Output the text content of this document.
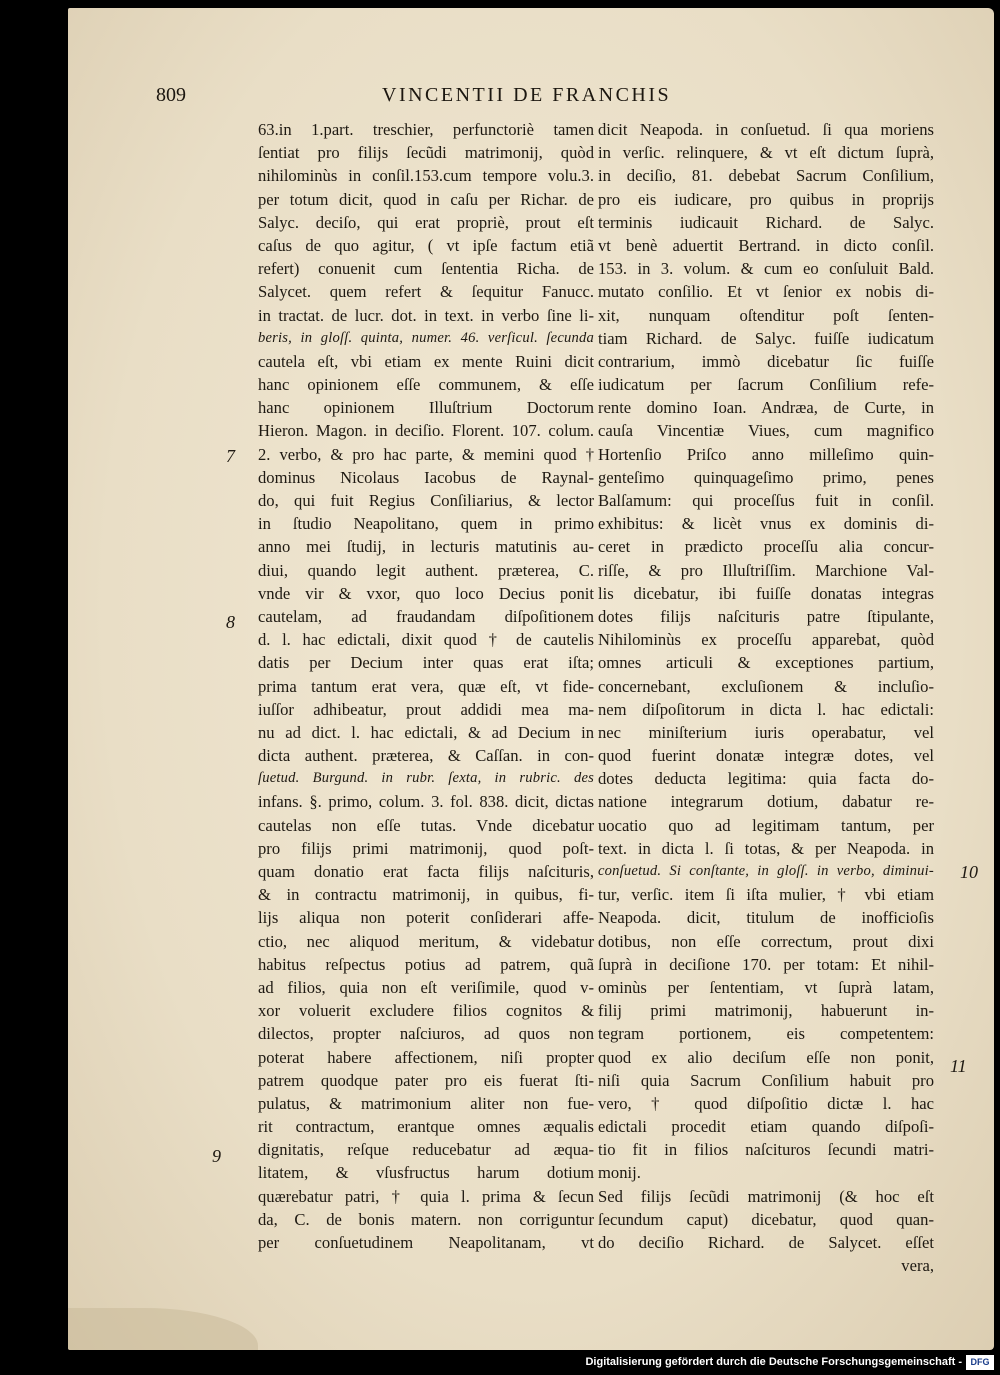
809	VINCENTII DE FRANCHIS
63.in 1.part. treschier, perfunctoriè tamen
ſentiat pro filijs ſecũdi matrimonij, quòd
nihilominùs in conſil.153.cum tempore volu.3.
per totum dicit, quod in caſu per Richar. de
Salyc. deciſo, qui erat propriè, prout eſt
caſus de quo agitur, ( vt ipſe factum etiã
refert) conuenit cum ſententia Richa. de
Salycet. quem refert & ſequitur Fanucc.
in tractat. de lucr. dot. in text. in verbo ſine li-
beris, in gloſſ. quinta, numer. 46. verſicul. ſecunda
cautela eſt, vbi etiam ex mente Ruini dicit
hanc opinionem eſſe communem, & eſſe
hanc opinionem Illuſtrium Doctorum
Hieron. Magon. in deciſio. Florent. 107. colum.
2. verbo, & pro hac parte, & memini quod †
dominus Nicolaus Iacobus de Raynal-
do, qui fuit Regius Conſiliarius, & lector
in ſtudio Neapolitano, quem in primo
anno mei ſtudij, in lecturis matutinis au-
diui, quando legit authent. præterea, C.
vnde vir & vxor, quo loco Decius ponit
cautelam, ad fraudandam diſpoſitionem
d. l. hac edictali, dixit quod † de cautelis
datis per Decium inter quas erat iſta;
prima tantum erat vera, quæ eſt, vt fide-
iuſſor adhibeatur, prout addidi mea ma-
nu ad dict. l. hac edictali, & ad Decium in
dicta authent. præterea, & Caſſan. in con-
ſuetud. Burgund. in rubr. ſexta, in rubric. des
infans. §. primo, colum. 3. fol. 838. dicit, dictas
cautelas non eſſe tutas. Vnde dicebatur
pro filijs primi matrimonij, quod poſt-
quam donatio erat facta filijs naſcituris,
& in contractu matrimonij, in quibus, fi-
lijs aliqua non poterit conſiderari affe-
ctio, nec aliquod meritum, & videbatur
habitus reſpectus potius ad patrem, quã
ad filios, quia non eſt veriſimile, quod v-
xor voluerit excludere filios cognitos &
dilectos, propter naſciuros, ad quos non
poterat habere affectionem, niſi propter
patrem quodque pater pro eis fuerat ſti-
pulatus, & matrimonium aliter non fue-
rit contractum, erantque omnes æqualis
dignitatis, reſque reducebatur ad æqua-
litatem, & vſusfructus harum dotium
quærebatur patri, † quia l. prima & ſecun
da, C. de bonis matern. non corriguntur
per conſuetudinem Neapolitanam, vt
dicit Neapoda. in conſuetud. ſi qua moriens
in verſic. relinquere, & vt eſt dictum ſuprà,
in deciſio, 81. debebat Sacrum Conſilium,
pro eis iudicare, pro quibus in proprijs
terminis iudicauit Richard. de Salyc.
vt benè aduertit Bertrand. in dicto conſil.
153. in 3. volum. & cum eo conſuluit Bald.
mutato conſilio. Et vt ſenior ex nobis di-
xit, nunquam oſtenditur poſt ſenten-
tiam Richard. de Salyc. fuiſſe iudicatum
contrarium, immò dicebatur ſic fuiſſe
iudicatum per ſacrum Conſilium refe-
rente domino Ioan. Andræa, de Curte, in
cauſa Vincentiæ Viues, cum magnifico
Hortenſio Priſco anno milleſimo quin-
genteſimo quinquageſimo primo, penes
Balſamum: qui proceſſus fuit in conſil.
exhibitus: & licèt vnus ex dominis di-
ceret in prædicto proceſſu alia concur-
riſſe, & pro Illuſtriſſim. Marchione Val-
lis dicebatur, ibi fuiſſe donatas integras
dotes filijs naſcituris patre ſtipulante,
Nihilominùs ex proceſſu apparebat, quòd
omnes articuli & exceptiones partium,
concernebant, excluſionem & incluſio-
nem diſpoſitorum in dicta l. hac edictali:
nec miniſterium iuris operabatur, vel
quod fuerint donatæ integræ dotes, vel
dotes deducta legitima: quia facta do-
natione integrarum dotium, dabatur re-
uocatio quo ad legitimam tantum, per
text. in dicta l. ſi totas, & per Neapoda. in
conſuetud. Si conſtante, in gloſſ. in verbo, diminui-
tur, verſic. item ſi iſta mulier, † vbi etiam
Neapoda. dicit, titulum de inofficioſis
dotibus, non eſſe correctum, prout dixi
ſuprà in deciſione 170. per totam: Et nihil-
ominùs per ſententiam, vt ſuprà latam,
filij primi matrimonij, habuerunt in-
tegram portionem, eis competentem:
quod ex alio deciſum eſſe non ponit,
niſi quia Sacrum Conſilium habuit pro
vero, † quod diſpoſitio dictæ l. hac
edictali procedit etiam quando diſpoſi-
tio fit in filios naſcituros ſecundi matri-
monij.
Sed filijs ſecũdi matrimonij (& hoc eſt
ſecundum caput) dicebatur, quod quan-
do deciſio Richard. de Salycet. eſſet
vera,
7
8
9
10
11
Digitalisierung gefördert durch die Deutsche Forschungsgemeinschaft - DFG
